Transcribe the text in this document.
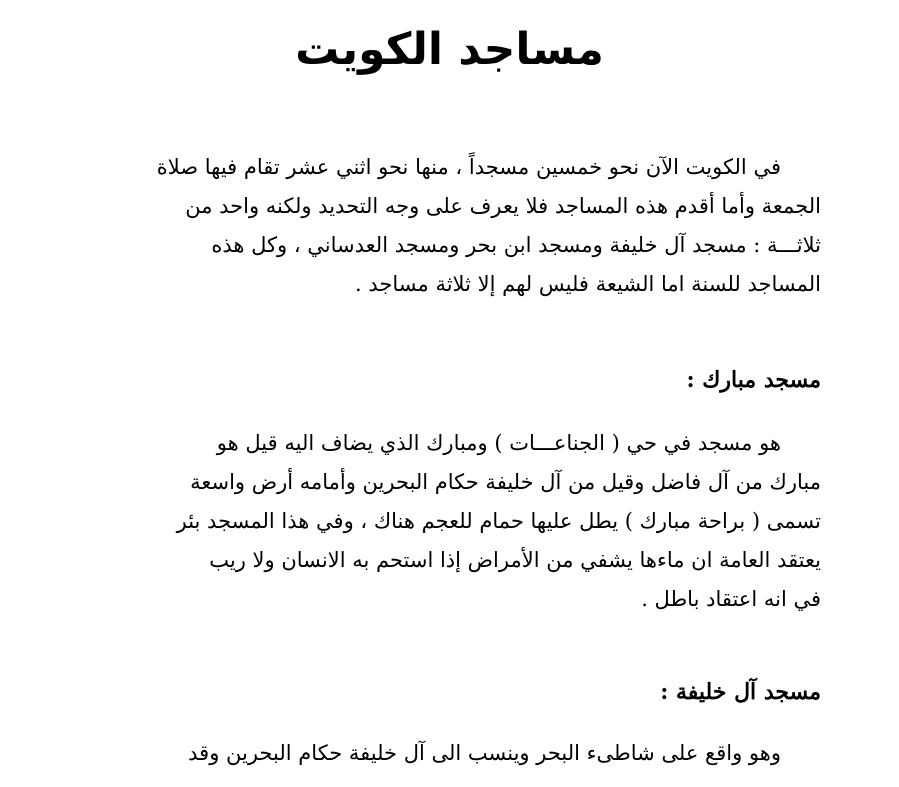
مساجد الكويت

في الكويت الآن نحو خمسين مسجداً ، منها نحو اثني عشر تقام فيها صلاة
الجمعة وأما أقدم هذه المساجد فلا يعرف على وجه التحديد ولكنه واحد من
ثلاثـــة : مسجد آل خليفة ومسجد ابن بحر ومسجد العدساني ، وكل هذه
المساجد للسنة اما الشيعة فليس لهم إلا ثلاثة مساجد .

مسجد مبارك :

هو مسجد في حي ( الجناعـــات ) ومبارك الذي يضاف اليه قيل هو
مبارك من آل فاضل وقيل من آل خليفة حكام البحرين وأمامه أرض واسعة
تسمى ( براحة مبارك ) يطل عليها حمام للعجم هناك ، وفي هذا المسجد بئر
يعتقد العامة ان ماءها يشفي من الأمراض إذا استحم به الانسان ولا ريب
في انه اعتقاد باطل .

مسجد آل خليفة :

وهو واقع على شاطىء البحر وينسب الى آل خليفة حكام البحرين وقد
